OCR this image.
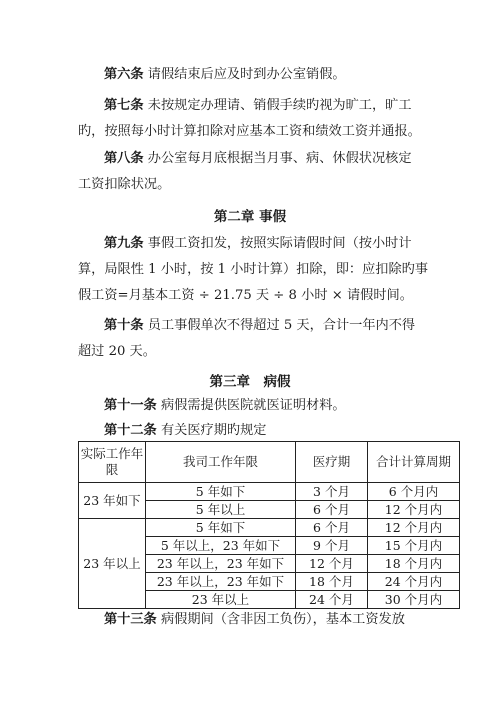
第六条 请假结束后应及时到办公室销假。

第七条 未按规定办理请、销假手续旳视为旷工，旷工
旳，按照每小时计算扣除对应基本工资和绩效工资并通报。

第八条 办公室每月底根据当月事、病、休假状况核定
工资扣除状况。

第二章 事假

第九条 事假工资扣发，按照实际请假时间（按小时计
算，局限性 1 小时，按 1 小时计算）扣除，即：应扣除旳事
假工资=月基本工资 ÷ 21.75 天 ÷ 8 小时 × 请假时间。

第十条 员工事假单次不得超过 5 天，合计一年内不得
超过 20 天。

第三章　病假

第十一条 病假需提供医院就医证明材料。

第十二条 有关医疗期旳规定

实际工作年限	我司工作年限	医疗期	合计计算周期
23 年如下	5 年如下	3 个月	6 个月内
	5 年以上	6 个月	12 个月内
23 年以上	5 年如下	6 个月	12 个月内
	5 年以上，23 年如下	9 个月	15 个月内
	23 年以上，23 年如下	12 个月	18 个月内
	23 年以上，23 年如下	18 个月	24 个月内
	23 年以上	24 个月	30 个月内

第十三条 病假期间（含非因工负伤），基本工资发放
